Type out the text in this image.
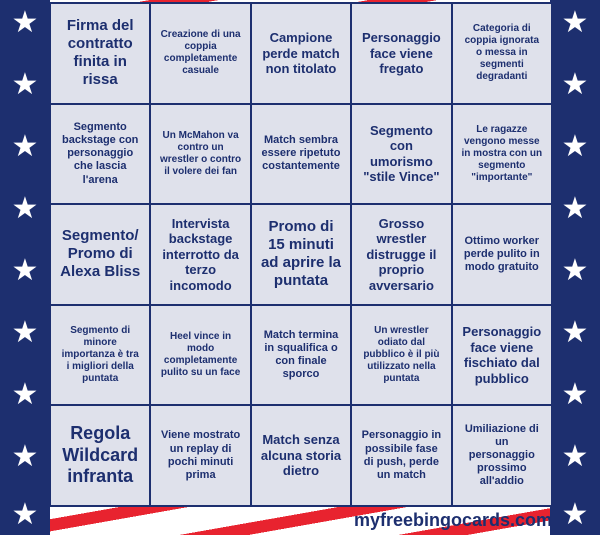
★
★
★
★
★
★
★
★
★
★
★
★
★
★
★
★
★
★
Firma del contratto finita in rissa
Creazione di una coppia completamente casuale
Campione perde match non titolato
Personaggio face viene fregato
Categoria di coppia ignorata o messa in segmenti degradanti
Segmento backstage con personaggio che lascia l'arena
Un McMahon va contro un wrestler o contro il volere dei fan
Match sembra essere ripetuto costantemente
Segmento con umorismo "stile Vince"
Le ragazze vengono messe in mostra con un segmento "importante"
Segmento/ Promo di Alexa Bliss
Intervista backstage interrotto da terzo incomodo
Promo di 15 minuti ad aprire la puntata
Grosso wrestler distrugge il proprio avversario
Ottimo worker perde pulito in modo gratuito
Segmento di minore importanza è tra i migliori della puntata
Heel vince in modo completamente pulito su un face
Match termina in squalifica o con finale sporco
Un wrestler odiato dal pubblico è il più utilizzato nella puntata
Personaggio face viene fischiato dal pubblico
Regola Wildcard infranta
Viene mostrato un replay di pochi minuti prima
Match senza alcuna storia dietro
Personaggio in possibile fase di push, perde un match
Umiliazione di un personaggio prossimo all'addio
myfreebingocards.com
